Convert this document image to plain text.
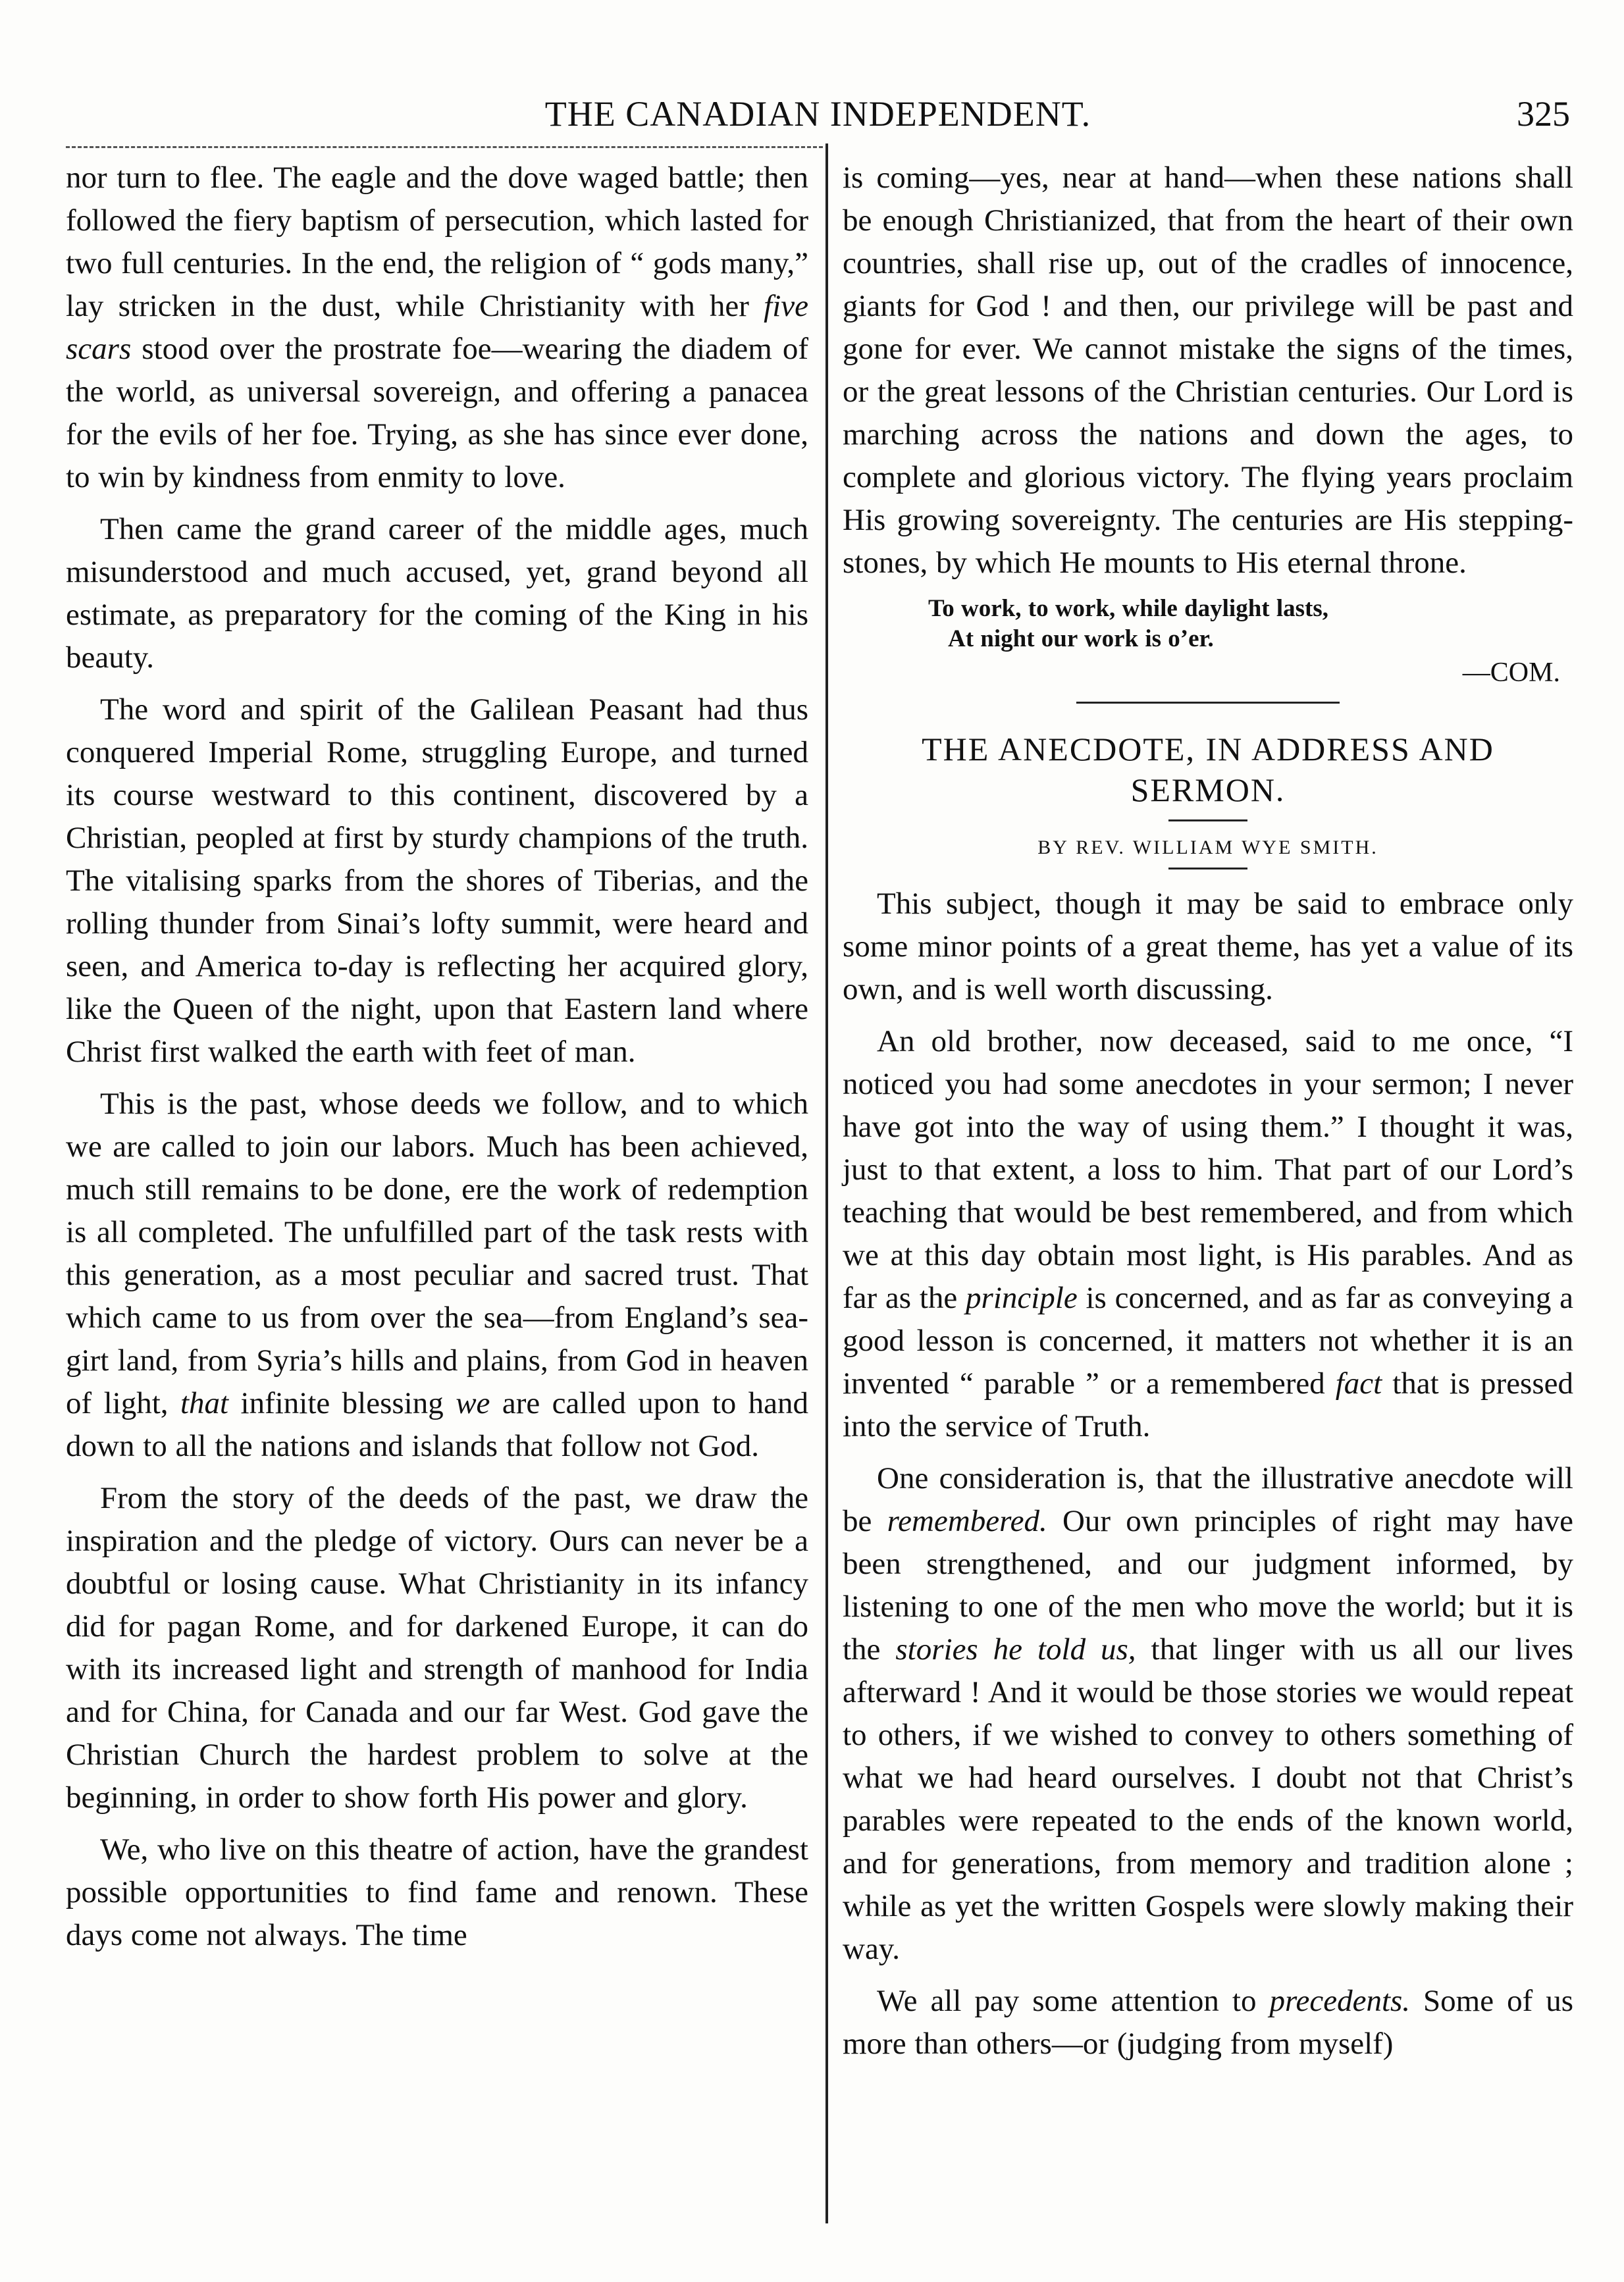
THE CANADIAN INDEPENDENT.	325

nor turn to flee. The eagle and the dove waged battle; then followed the fiery baptism of persecution, which lasted for two full centuries. In the end, the religion of “ gods many,” lay stricken in the dust, while Christianity with her five scars stood over the prostrate foe—wearing the diadem of the world, as universal sovereign, and offering a panacea for the evils of her foe. Trying, as she has since ever done, to win by kindness from enmity to love.

Then came the grand career of the middle ages, much misunderstood and much accused, yet, grand beyond all estimate, as preparatory for the coming of the King in his beauty.

The word and spirit of the Galilean Peasant had thus conquered Imperial Rome, struggling Europe, and turned its course westward to this continent, discovered by a Christian, peopled at first by sturdy champions of the truth. The vitalising sparks from the shores of Tiberias, and the rolling thunder from Sinai’s lofty summit, were heard and seen, and America to-day is reflecting her acquired glory, like the Queen of the night, upon that Eastern land where Christ first walked the earth with feet of man.

This is the past, whose deeds we follow, and to which we are called to join our labors. Much has been achieved, much still remains to be done, ere the work of redemption is all completed. The unfulfilled part of the task rests with this generation, as a most peculiar and sacred trust. That which came to us from over the sea—from England’s sea-girt land, from Syria’s hills and plains, from God in heaven of light, that infinite blessing we are called upon to hand down to all the nations and islands that follow not God.

From the story of the deeds of the past, we draw the inspiration and the pledge of victory. Ours can never be a doubtful or losing cause. What Christianity in its infancy did for pagan Rome, and for darkened Europe, it can do with its increased light and strength of manhood for India and for China, for Canada and our far West. God gave the Christian Church the hardest problem to solve at the beginning, in order to show forth His power and glory.

We, who live on this theatre of action, have the grandest possible opportunities to find fame and renown. These days come not always. The time

is coming—yes, near at hand—when these nations shall be enough Christianized, that from the heart of their own countries, shall rise up, out of the cradles of innocence, giants for God ! and then, our privilege will be past and gone for ever. We cannot mistake the signs of the times, or the great lessons of the Christian centuries. Our Lord is marching across the nations and down the ages, to complete and glorious victory. The flying years proclaim His growing sovereignty. The centuries are His stepping-stones, by which He mounts to His eternal throne.

To work, to work, while daylight lasts,
At night our work is o’er.
—COM.
THE ANECDOTE, IN ADDRESS AND SERMON.
BY REV. WILLIAM WYE SMITH.

This subject, though it may be said to embrace only some minor points of a great theme, has yet a value of its own, and is well worth discussing.

An old brother, now deceased, said to me once, “I noticed you had some anecdotes in your sermon; I never have got into the way of using them.” I thought it was, just to that extent, a loss to him. That part of our Lord’s teaching that would be best remembered, and from which we at this day obtain most light, is His parables. And as far as the principle is concerned, and as far as conveying a good lesson is concerned, it matters not whether it is an invented “ parable ” or a remembered fact that is pressed into the service of Truth.

One consideration is, that the illustrative anecdote will be remembered. Our own principles of right may have been strengthened, and our judgment informed, by listening to one of the men who move the world; but it is the stories he told us, that linger with us all our lives afterward ! And it would be those stories we would repeat to others, if we wished to convey to others something of what we had heard ourselves. I doubt not that Christ’s parables were repeated to the ends of the known world, and for generations, from memory and tradition alone ; while as yet the written Gospels were slowly making their way.

We all pay some attention to precedents. Some of us more than others—or (judging from myself)
